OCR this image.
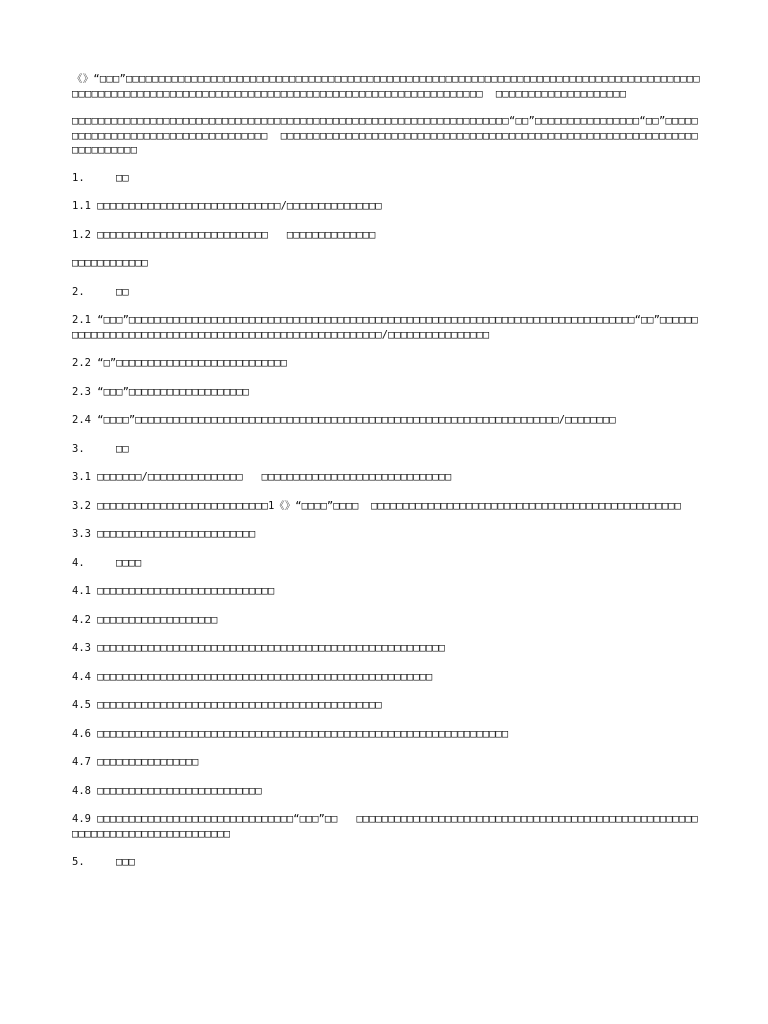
《》“□□□”□□□□□□□□□□□□□□□□□□□□□□□□□□□□□□□□□□□□□□□□□□□□□□□□□□□□□□□□□□□□□□□□□□□□□□□□□□□□□□□□□□□□□□□□□□□□□□□□□□□□□□□□□□□□□□□□□□□□□□□□□□□□□□□□□□□□□□□□□□□□□□□□□□□□□□□  □□□□□□□□□□□□□□□□□□□□

□□□□□□□□□□□□□□□□□□□□□□□□□□□□□□□□□□□□□□□□□□□□□□□□□□□□□□□□□□□□□□□□□□□“□□”□□□□□□□□□□□□□□□□“□□”□□□□□□□□□□□□□□□□□□□□□□□□□□□□□□□□□□□  □□□□□□□□□□□□□□□□□□□□□□□□□□□□□□□□□□□□□□□□□□□□□□□□□□□□□□□□□□□□□□□□□□□□□□□□□□

1.	□□

1.1 □□□□□□□□□□□□□□□□□□□□□□□□□□□□□/□□□□□□□□□□□□□□□

1.2 □□□□□□□□□□□□□□□□□□□□□□□□□□□   □□□□□□□□□□□□□□

□□□□□□□□□□□□

2.	□□

2.1 “□□□”□□□□□□□□□□□□□□□□□□□□□□□□□□□□□□□□□□□□□□□□□□□□□□□□□□□□□□□□□□□□□□□□□□□□□□□□□□□□□□□□“□□”□□□□□□□□□□□□□□□□□□□□□□□□□□□□□□□□□□□□□□□□□□□□□□□□□□□□□□□/□□□□□□□□□□□□□□□□

2.2 “□”□□□□□□□□□□□□□□□□□□□□□□□□□□□

2.3 “□□□”□□□□□□□□□□□□□□□□□□□

2.4 “□□□□”□□□□□□□□□□□□□□□□□□□□□□□□□□□□□□□□□□□□□□□□□□□□□□□□□□□□□□□□□□□□□□□□□□□/□□□□□□□□

3.	□□

3.1 □□□□□□□/□□□□□□□□□□□□□□□   □□□□□□□□□□□□□□□□□□□□□□□□□□□□□□

3.2 □□□□□□□□□□□□□□□□□□□□□□□□□□□1《》“□□□□”□□□□  □□□□□□□□□□□□□□□□□□□□□□□□□□□□□□□□□□□□□□□□□□□□□□□□□

3.3 □□□□□□□□□□□□□□□□□□□□□□□□□

4.	□□□□

4.1 □□□□□□□□□□□□□□□□□□□□□□□□□□□□

4.2 □□□□□□□□□□□□□□□□□□□

4.3 □□□□□□□□□□□□□□□□□□□□□□□□□□□□□□□□□□□□□□□□□□□□□□□□□□□□□□□

4.4 □□□□□□□□□□□□□□□□□□□□□□□□□□□□□□□□□□□□□□□□□□□□□□□□□□□□□

4.5 □□□□□□□□□□□□□□□□□□□□□□□□□□□□□□□□□□□□□□□□□□□□□

4.6 □□□□□□□□□□□□□□□□□□□□□□□□□□□□□□□□□□□□□□□□□□□□□□□□□□□□□□□□□□□□□□□□□

4.7 □□□□□□□□□□□□□□□□

4.8 □□□□□□□□□□□□□□□□□□□□□□□□□□

4.9 □□□□□□□□□□□□□□□□□□□□□□□□□□□□□□□“□□□”□□   □□□□□□□□□□□□□□□□□□□□□□□□□□□□□□□□□□□□□□□□□□□□□□□□□□□□□□□□□□□□□□□□□□□□□□□□□□□□□□□

5.	□□□
